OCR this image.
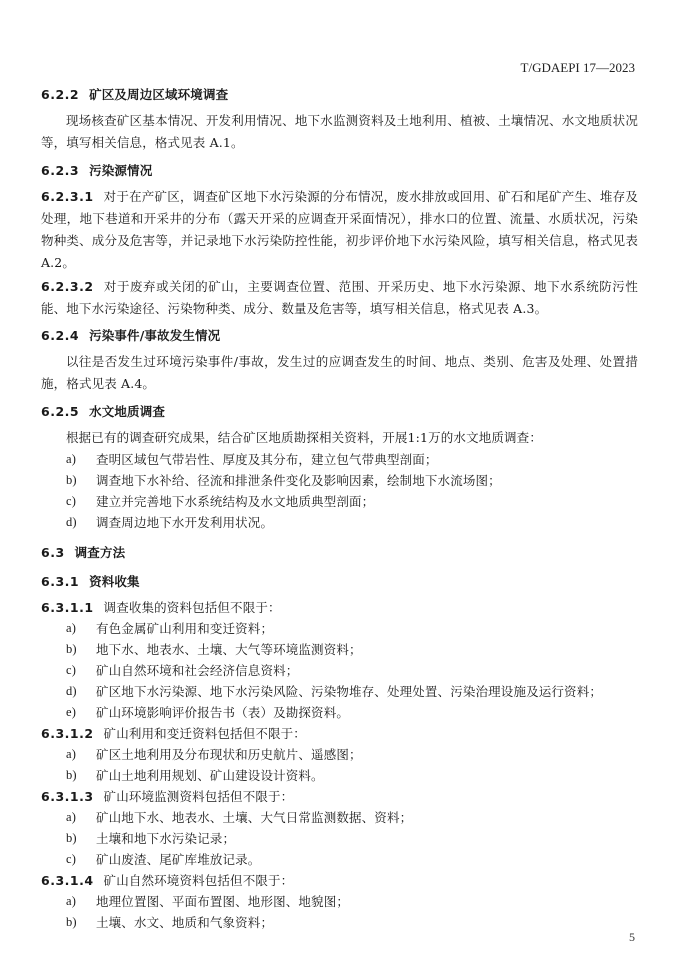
T/GDAEPI 17—2023
6.2.2 矿区及周边区域环境调查

现场核查矿区基本情况、开发利用情况、地下水监测资料及土地利用、植被、土壤情况、水文地质状况等，填写相关信息，格式见表 A.1。

6.2.3 污染源情况

6.2.3.1 对于在产矿区，调查矿区地下水污染源的分布情况，废水排放或回用、矿石和尾矿产生、堆存及处理，地下巷道和开采井的分布（露天开采的应调查开采面情况），排水口的位置、流量、水质状况，污染物种类、成分及危害等，并记录地下水污染防控性能，初步评价地下水污染风险，填写相关信息，格式见表 A.2。

6.2.3.2 对于废弃或关闭的矿山，主要调查位置、范围、开采历史、地下水污染源、地下水系统防污性能、地下水污染途径、污染物种类、成分、数量及危害等，填写相关信息，格式见表 A.3。

6.2.4 污染事件/事故发生情况

以往是否发生过环境污染事件/事故，发生过的应调查发生的时间、地点、类别、危害及处理、处置措施，格式见表 A.4。

6.2.5 水文地质调查

根据已有的调查研究成果，结合矿区地质勘探相关资料，开展1:1万的水文地质调查：

a)	查明区域包气带岩性、厚度及其分布，建立包气带典型剖面；
b)	调查地下水补给、径流和排泄条件变化及影响因素，绘制地下水流场图；
c)	建立并完善地下水系统结构及水文地质典型剖面；
d)	调查周边地下水开发利用状况。
6.3 调查方法
6.3.1 资料收集
6.3.1.1 调查收集的资料包括但不限于：
a)	有色金属矿山利用和变迁资料；
b)	地下水、地表水、土壤、大气等环境监测资料；
c)	矿山自然环境和社会经济信息资料；
d)	矿区地下水污染源、地下水污染风险、污染物堆存、处理处置、污染治理设施及运行资料；
e)	矿山环境影响评价报告书（表）及勘探资料。
6.3.1.2 矿山利用和变迁资料包括但不限于：
a)	矿区土地利用及分布现状和历史航片、遥感图；
b)	矿山土地利用规划、矿山建设设计资料。
6.3.1.3 矿山环境监测资料包括但不限于：
a)	矿山地下水、地表水、土壤、大气日常监测数据、资料；
b)	土壤和地下水污染记录；
c)	矿山废渣、尾矿库堆放记录。
6.3.1.4 矿山自然环境资料包括但不限于：
a)	地理位置图、平面布置图、地形图、地貌图；
b)	土壤、水文、地质和气象资料；
5
